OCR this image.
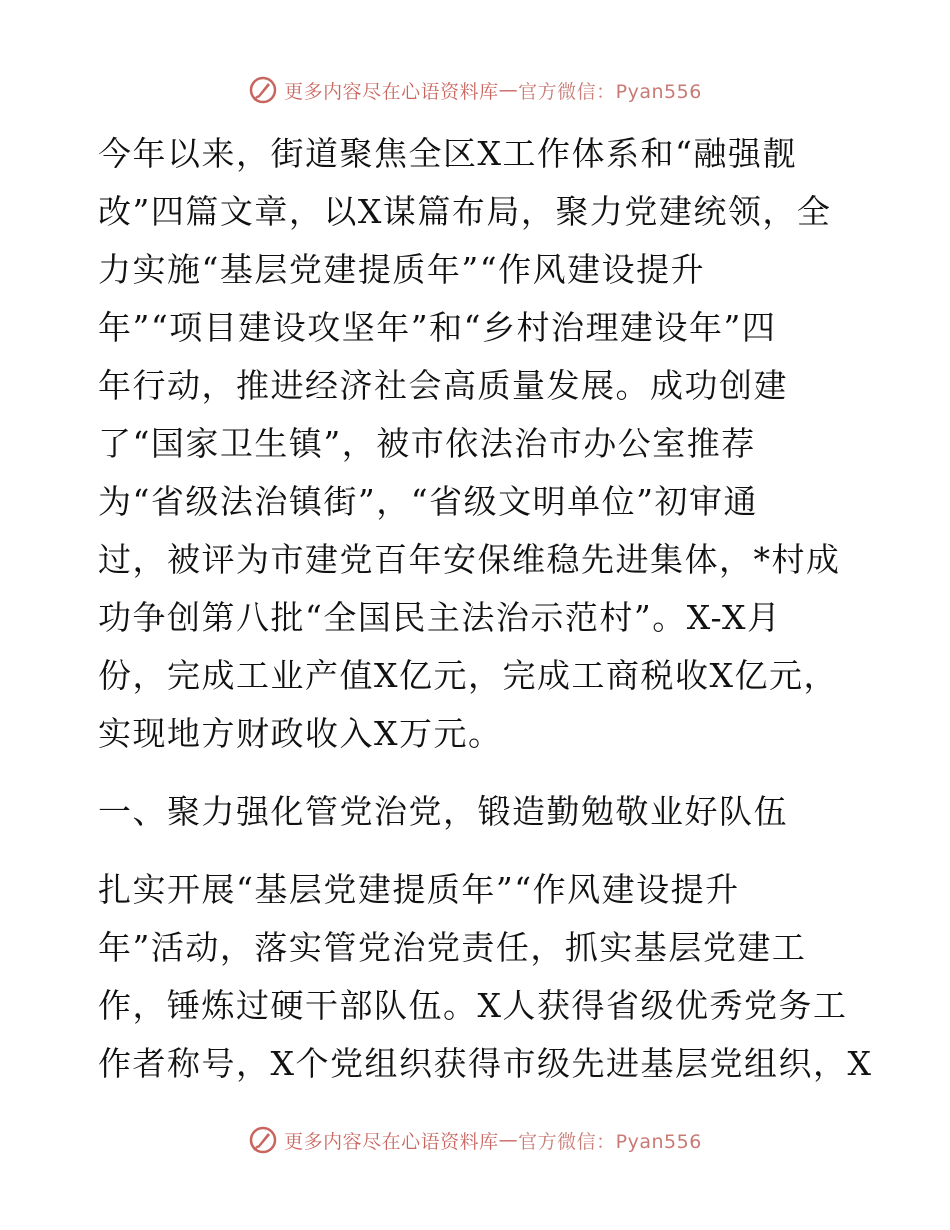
更多内容尽在心语资料库 — 官方微信：Pyan556
今年以来，街道聚焦全区X工作体系和“融强靓
改”四篇文章，以X谋篇布局，聚力党建统领，全
力实施“基层党建提质年”“作风建设提升
年”“项目建设攻坚年”和“乡村治理建设年”四
年行动，推进经济社会高质量发展。成功创建
了“国家卫生镇”，被市依法治市办公室推荐
为“省级法治镇街”，“省级文明单位”初审通
过，被评为市建党百年安保维稳先进集体，*村成
功争创第八批“全国民主法治示范村”。X-X月
份，完成工业产值X亿元，完成工商税收X亿元，
实现地方财政收入X万元。
一、聚力强化管党治党，锻造勤勉敬业好队伍
扎实开展“基层党建提质年”“作风建设提升
年”活动，落实管党治党责任，抓实基层党建工
作，锤炼过硬干部队伍。X人获得省级优秀党务工
作者称号，X个党组织获得市级先进基层党组织，X
更多内容尽在心语资料库 — 官方微信：Pyan556
